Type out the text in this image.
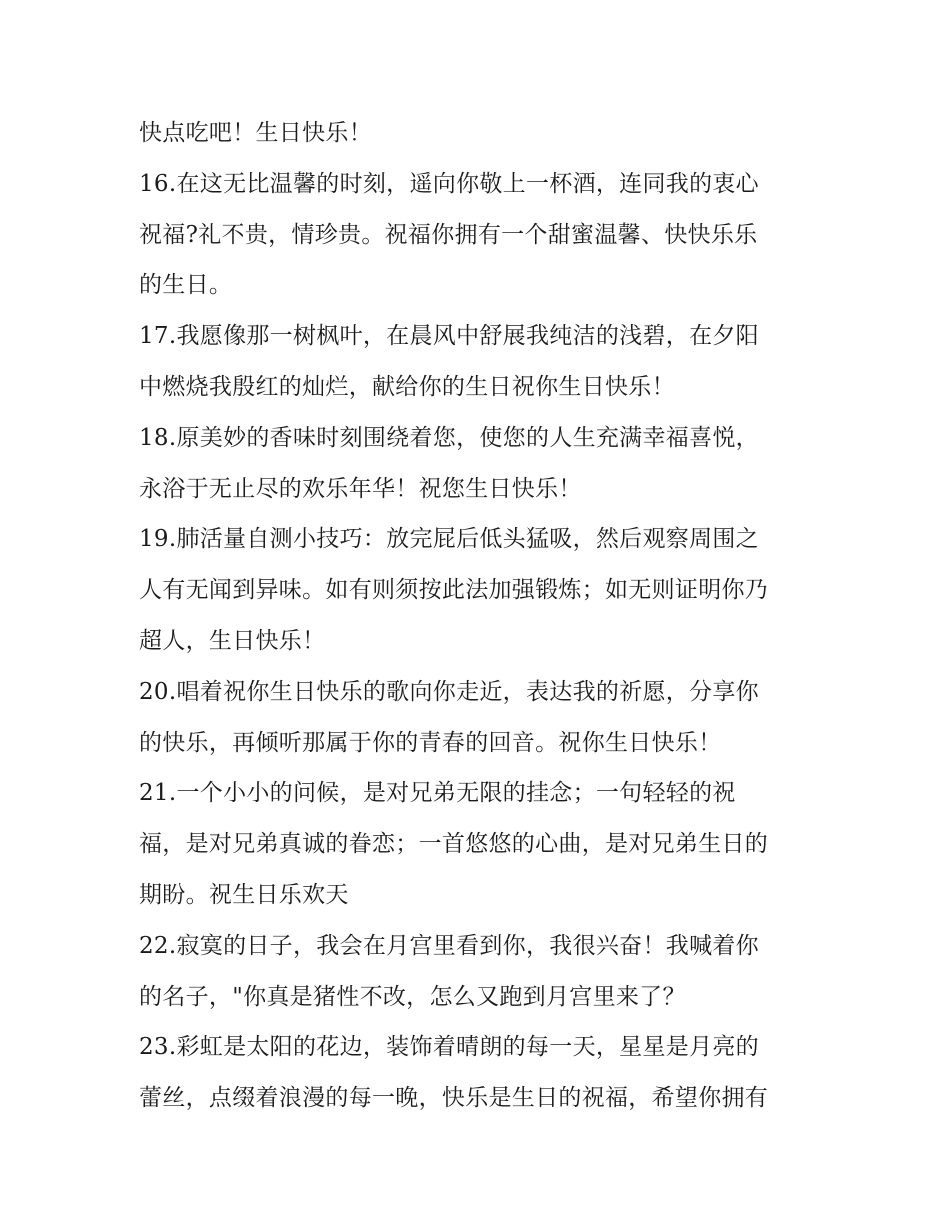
快点吃吧！生日快乐！
16.在这无比温馨的时刻，遥向你敬上一杯酒，连同我的衷心
祝福?礼不贵，情珍贵。祝福你拥有一个甜蜜温馨、快快乐乐
的生日。
17.我愿像那一树枫叶，在晨风中舒展我纯洁的浅碧，在夕阳
中燃烧我殷红的灿烂，献给你的生日祝你生日快乐！
18.原美妙的香味时刻围绕着您，使您的人生充满幸福喜悦，
永浴于无止尽的欢乐年华！祝您生日快乐！
19.肺活量自测小技巧：放完屁后低头猛吸，然后观察周围之
人有无闻到异味。如有则须按此法加强锻炼；如无则证明你乃
超人，生日快乐！
20.唱着祝你生日快乐的歌向你走近，表达我的祈愿，分享你
的快乐，再倾听那属于你的青春的回音。祝你生日快乐！
21.一个小小的问候，是对兄弟无限的挂念；一句轻轻的祝
福，是对兄弟真诚的眷恋；一首悠悠的心曲，是对兄弟生日的
期盼。祝生日乐欢天
22.寂寞的日子，我会在月宫里看到你，我很兴奋！我喊着你
的名子，"你真是猪性不改，怎么又跑到月宫里来了？
23.彩虹是太阳的花边，装饰着晴朗的每一天，星星是月亮的
蕾丝，点缀着浪漫的每一晚，快乐是生日的祝福，希望你拥有
